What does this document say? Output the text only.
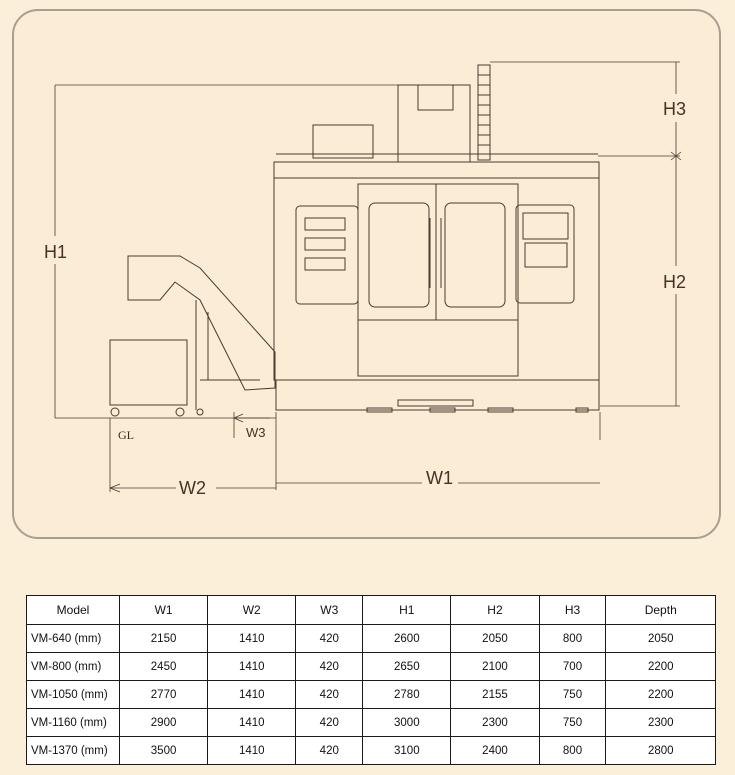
H1
H3
H2
W1
W2
W3
GL
Model	W1	W2	W3	H1	H2	H3	Depth
VM-640 (mm)	2150	1410	420	2600	2050	800	2050
VM-800 (mm)	2450	1410	420	2650	2100	700	2200
VM-1050 (mm)	2770	1410	420	2780	2155	750	2200
VM-1160 (mm)	2900	1410	420	3000	2300	750	2300
VM-1370 (mm)	3500	1410	420	3100	2400	800	2800
